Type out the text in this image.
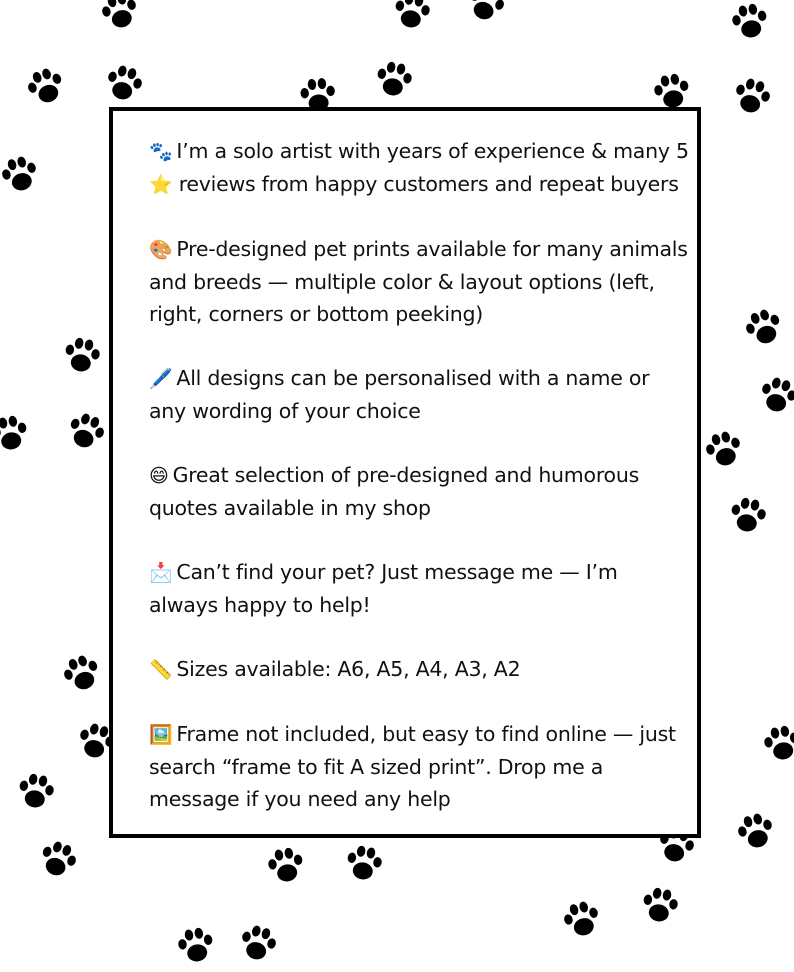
🐾 I’m a solo artist with years of experience & many 5⭐ reviews from happy customers and repeat buyers

🎨 Pre-designed pet prints available for many animals and breeds — multiple color & layout options (left, right, corners or bottom peeking)

🖊️ All designs can be personalised with a name or any wording of your choice

😄 Great selection of pre-designed and humorous quotes available in my shop

📩 Can’t find your pet? Just message me — I’m always happy to help!

📏 Sizes available: A6, A5, A4, A3, A2

🖼️ Frame not included, but easy to find online — just search “frame to fit A sized print”. Drop me a message if you need any help
